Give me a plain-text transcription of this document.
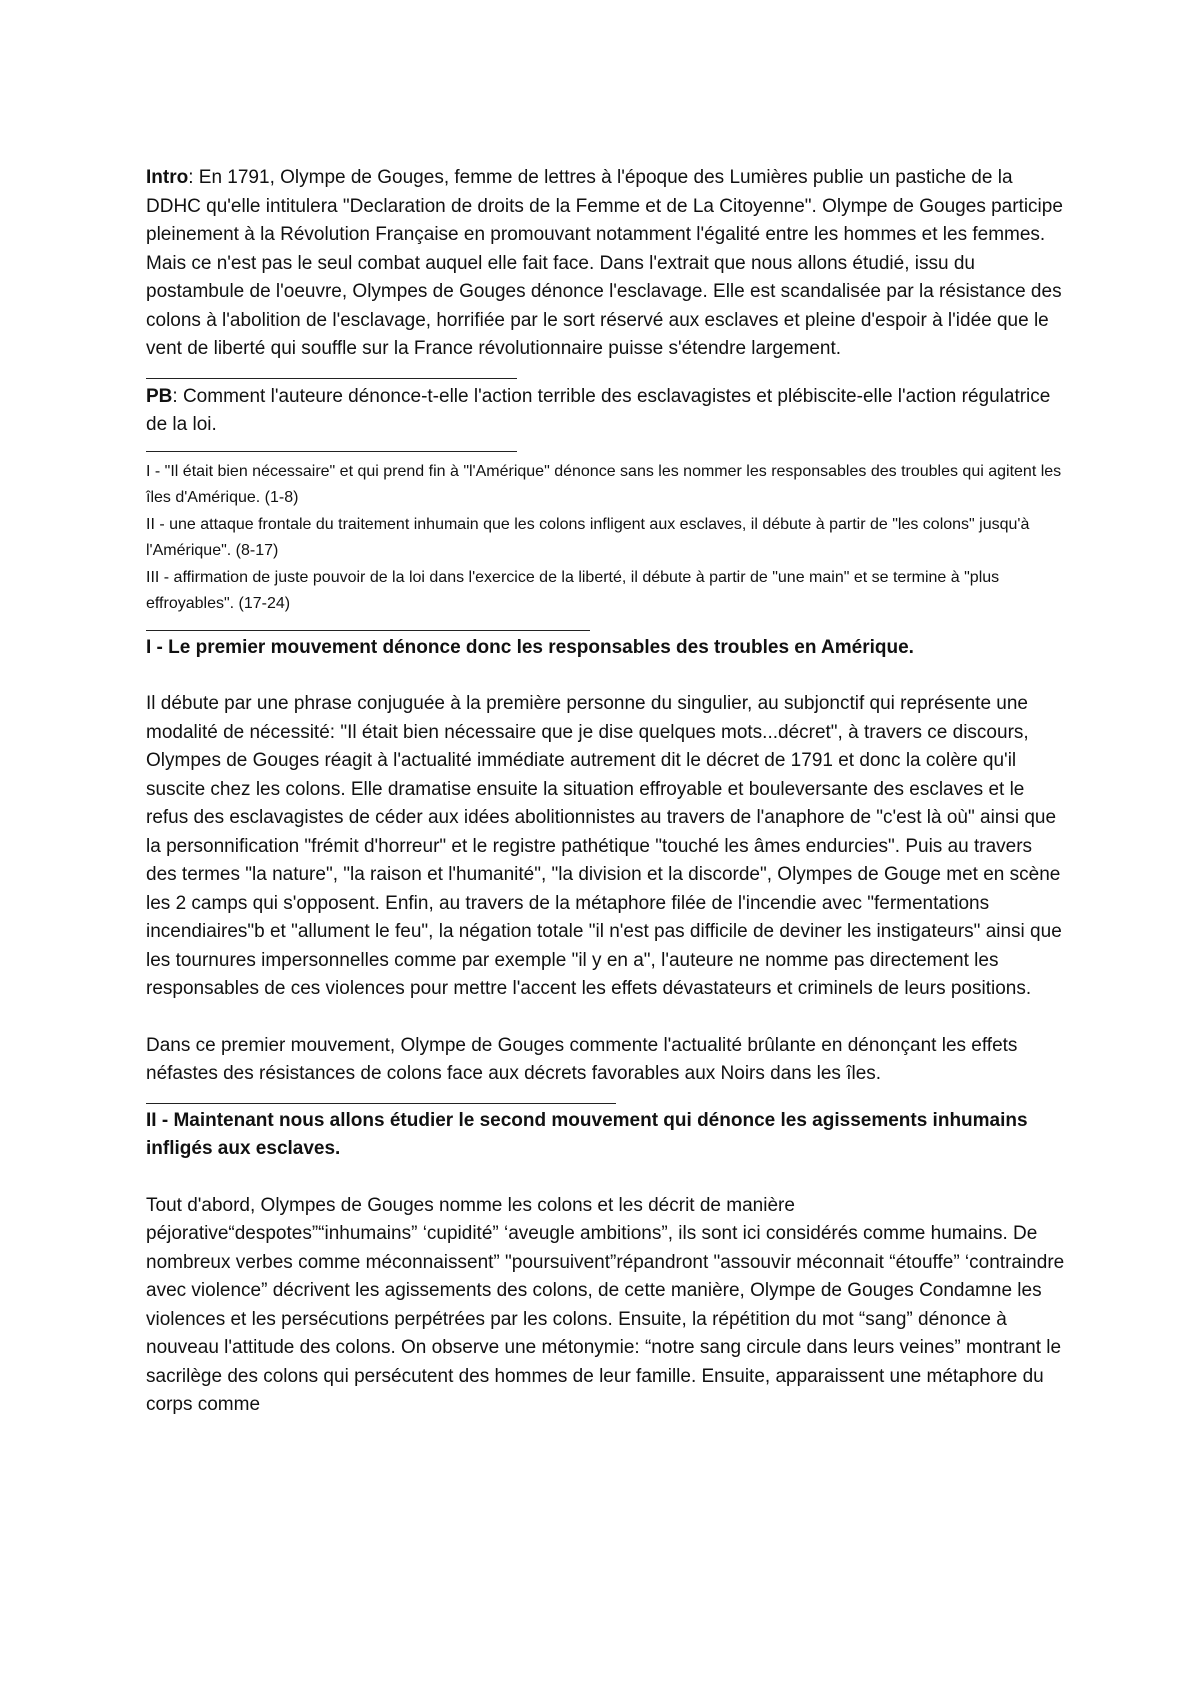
Intro: En 1791, Olympe de Gouges, femme de lettres à l'époque des Lumières publie un pastiche de la DDHC qu'elle intitulera "Declaration de droits de la Femme et de La Citoyenne". Olympe de Gouges participe pleinement à la Révolution Française en promouvant notamment l'égalité entre les hommes et les femmes. Mais ce n'est pas le seul combat auquel elle fait face. Dans l'extrait que nous allons étudié, issu du postambule de l'oeuvre, Olympes de Gouges dénonce l'esclavage. Elle est scandalisée par la résistance des colons à l'abolition de l'esclavage, horrifiée par le sort réservé aux esclaves et pleine d'espoir à l'idée que le vent de liberté qui souffle sur la France révolutionnaire puisse s'étendre largement.

PB: Comment l'auteure dénonce-t-elle l'action terrible des esclavagistes et plébiscite-elle l'action régulatrice de la loi.

I - "Il était bien nécessaire" et qui prend fin à "l'Amérique" dénonce sans les nommer les responsables des troubles qui agitent les îles d'Amérique. (1-8)

II - une attaque frontale du traitement inhumain que les colons infligent aux esclaves, il débute à partir de "les colons" jusqu'à l'Amérique". (8-17)

III - affirmation de juste pouvoir de la loi dans l'exercice de la liberté, il débute à partir de "une main" et se termine à "plus effroyables". (17-24)

I - Le premier mouvement dénonce donc les responsables des troubles en Amérique.

Il débute par une phrase conjuguée à la première personne du singulier, au subjonctif qui représente une modalité de nécessité: "Il était bien nécessaire que je dise quelques mots...décret", à travers ce discours, Olympes de Gouges réagit à l'actualité immédiate autrement dit le décret de 1791 et donc la colère qu'il suscite chez les colons. Elle dramatise ensuite la situation effroyable et bouleversante des esclaves et le refus des esclavagistes de céder aux idées abolitionnistes au travers de l'anaphore de "c'est là où" ainsi que la personnification "frémit d'horreur" et le registre pathétique "touché les âmes endurcies". Puis au travers des termes "la nature", "la raison et l'humanité", "la division et la discorde", Olympes de Gouge met en scène les 2 camps qui s'opposent. Enfin, au travers de la métaphore filée de l'incendie avec "fermentations incendiaires"b et "allument le feu", la négation totale "il n'est pas difficile de deviner les instigateurs" ainsi que les tournures impersonnelles comme par exemple "il y en a", l'auteure ne nomme pas directement les responsables de ces violences pour mettre l'accent les effets dévastateurs et criminels de leurs positions.

Dans ce premier mouvement, Olympe de Gouges commente l'actualité brûlante en dénonçant les effets néfastes des résistances de colons face aux décrets favorables aux Noirs dans les îles.

II - Maintenant nous allons étudier le second mouvement qui dénonce les agissements inhumains infligés aux esclaves.

Tout d'abord, Olympes de Gouges nomme les colons et les décrit de manière péjorative“despotes”“inhumains” ‘cupidité” ‘aveugle ambitions”, ils sont ici considérés comme humains. De nombreux verbes comme méconnaissent” "poursuivent”répandront "assouvir méconnait “étouffe” ‘contraindre avec violence” décrivent les agissements des colons, de cette manière, Olympe de Gouges Condamne les violences et les persécutions perpétrées par les colons. Ensuite, la répétition du mot “sang” dénonce à nouveau l'attitude des colons. On observe une métonymie: “notre sang circule dans leurs veines” montrant le sacrilège des colons qui persécutent des hommes de leur famille. Ensuite, apparaissent une métaphore du corps comme
